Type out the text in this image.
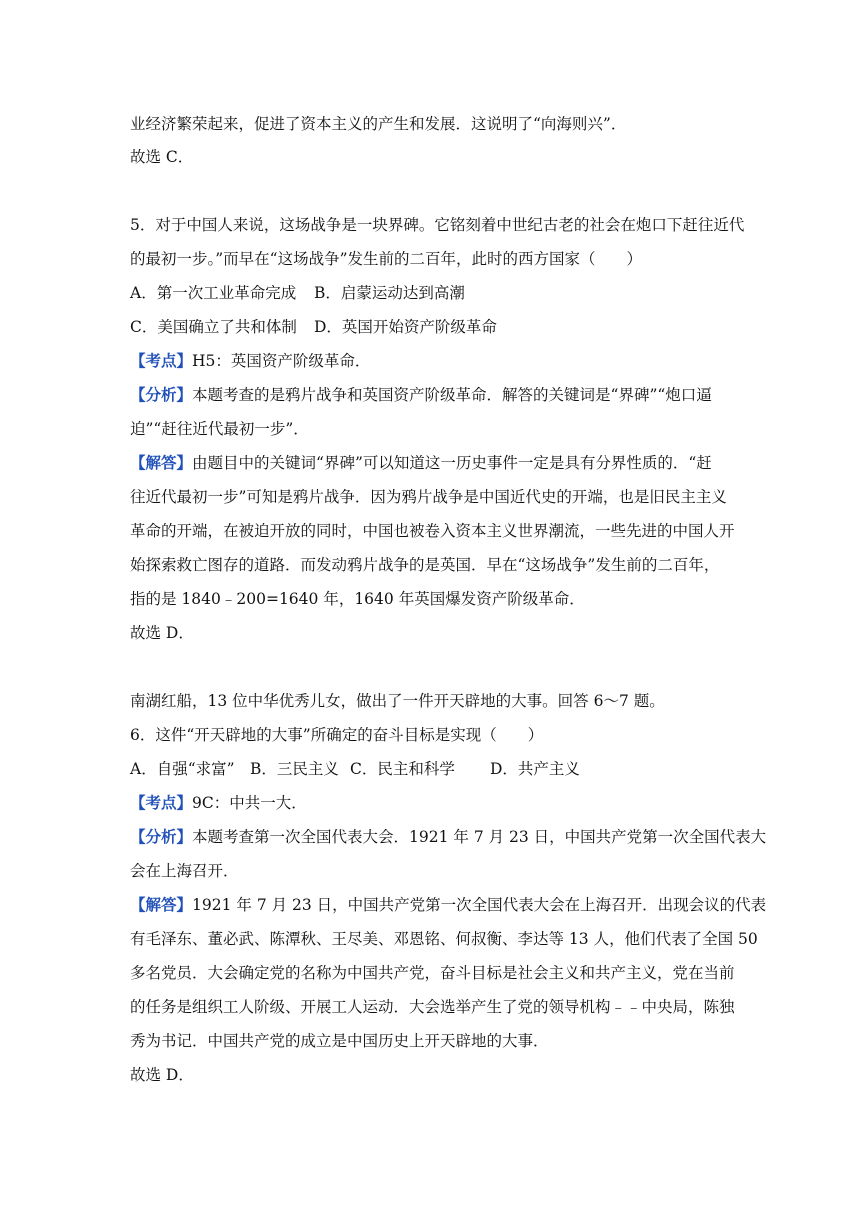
业经济繁荣起来，促进了资本主义的产生和发展．这说明了“向海则兴”．
故选 C．
5．对于中国人来说，这场战争是一块界碑。它铭刻着中世纪古老的社会在炮口下赶往近代
的最初一步。”而早在“这场战争”发生前的二百年，此时的西方国家（　　）
A．第一次工业革命完成 B．启蒙运动达到高潮
C．美国确立了共和体制 D．英国开始资产阶级革命
【考点】H5：英国资产阶级革命．
【分析】本题考查的是鸦片战争和英国资产阶级革命．解答的关键词是“界碑”“炮口逼
迫”“赶往近代最初一步”．
【解答】由题目中的关键词“界碑”可以知道这一历史事件一定是具有分界性质的．“赶
往近代最初一步”可知是鸦片战争．因为鸦片战争是中国近代史的开端，也是旧民主主义
革命的开端，在被迫开放的同时，中国也被卷入资本主义世界潮流，一些先进的中国人开
始探索救亡图存的道路．而发动鸦片战争的是英国．早在“这场战争”发生前的二百年，
指的是 1840﹣200=1640 年，1640 年英国爆发资产阶级革命．
故选 D．
南湖红船，13 位中华优秀儿女，做出了一件开天辟地的大事。回答 6～7 题。
6．这件“开天辟地的大事”所确定的奋斗目标是实现（　　）
A．自强“求富” B．三民主义 C．民主和科学 D．共产主义
【考点】9C：中共一大．
【分析】本题考查第一次全国代表大会．1921 年 7 月 23 日，中国共产党第一次全国代表大
会在上海召开．
【解答】1921 年 7 月 23 日，中国共产党第一次全国代表大会在上海召开．出现会议的代表
有毛泽东、董必武、陈潭秋、王尽美、邓恩铭、何叔衡、李达等 13 人，他们代表了全国 50
多名党员．大会确定党的名称为中国共产党，奋斗目标是社会主义和共产主义，党在当前
的任务是组织工人阶级、开展工人运动．大会选举产生了党的领导机构﹣﹣中央局，陈独
秀为书记．中国共产党的成立是中国历史上开天辟地的大事．
故选 D．
